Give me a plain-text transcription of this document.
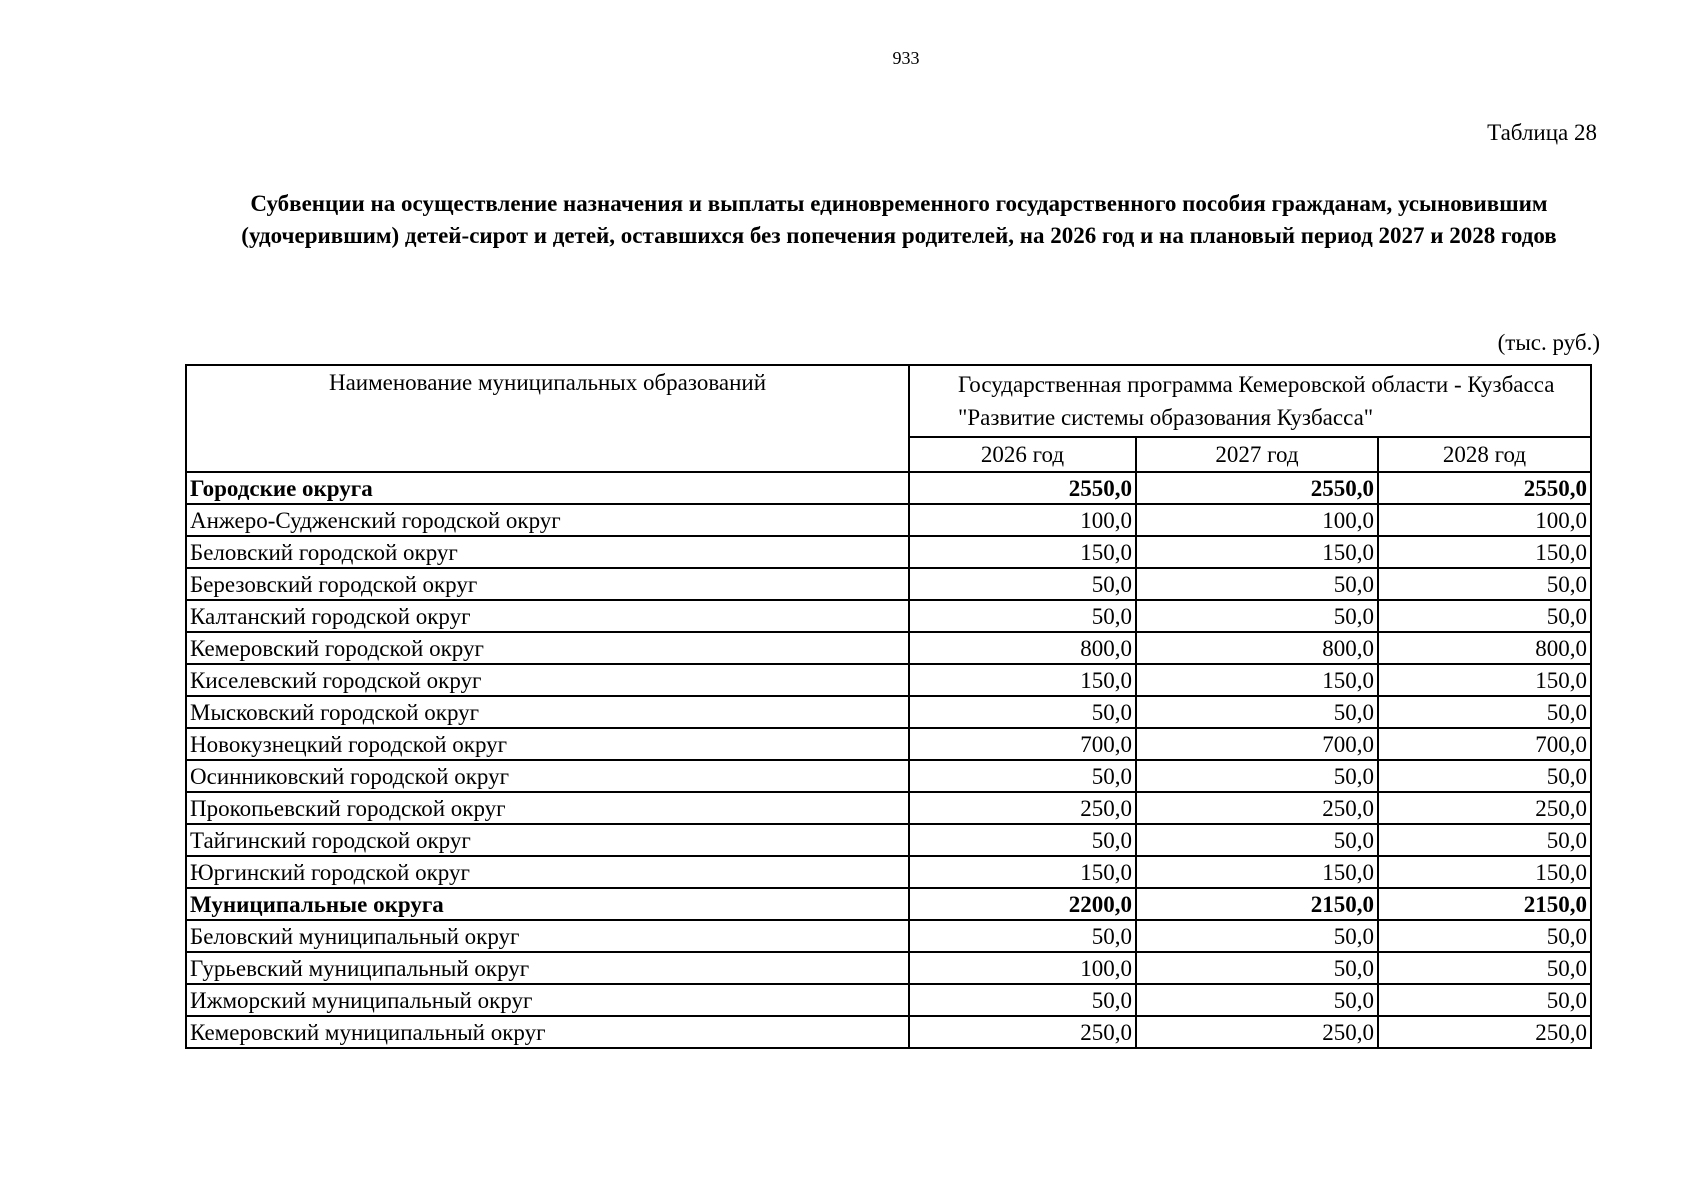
933
Таблица 28
Субвенции на осуществление назначения и выплаты единовременного государственного пособия гражданам, усыновившим (удочерившим) детей-сирот и детей, оставшихся без попечения родителей, на 2026 год и на плановый период 2027 и 2028 годов
(тыс. руб.)
Наименование муниципальных образований	Государственная программа Кемеровской области - Кузбасса "Развитие системы образования Кузбасса"		
	2026 год	2027 год	2028 год
Городские округа	2550,0	2550,0	2550,0
Анжеро-Судженский городской округ	100,0	100,0	100,0
Беловский городской округ	150,0	150,0	150,0
Березовский городской округ	50,0	50,0	50,0
Калтанский городской округ	50,0	50,0	50,0
Кемеровский городской округ	800,0	800,0	800,0
Киселевский городской округ	150,0	150,0	150,0
Мысковский городской округ	50,0	50,0	50,0
Новокузнецкий городской округ	700,0	700,0	700,0
Осинниковский городской округ	50,0	50,0	50,0
Прокопьевский городской округ	250,0	250,0	250,0
Тайгинский городской округ	50,0	50,0	50,0
Юргинский городской округ	150,0	150,0	150,0
Муниципальные округа	2200,0	2150,0	2150,0
Беловский муниципальный округ	50,0	50,0	50,0
Гурьевский муниципальный округ	100,0	50,0	50,0
Ижморский муниципальный округ	50,0	50,0	50,0
Кемеровский муниципальный округ	250,0	250,0	250,0
